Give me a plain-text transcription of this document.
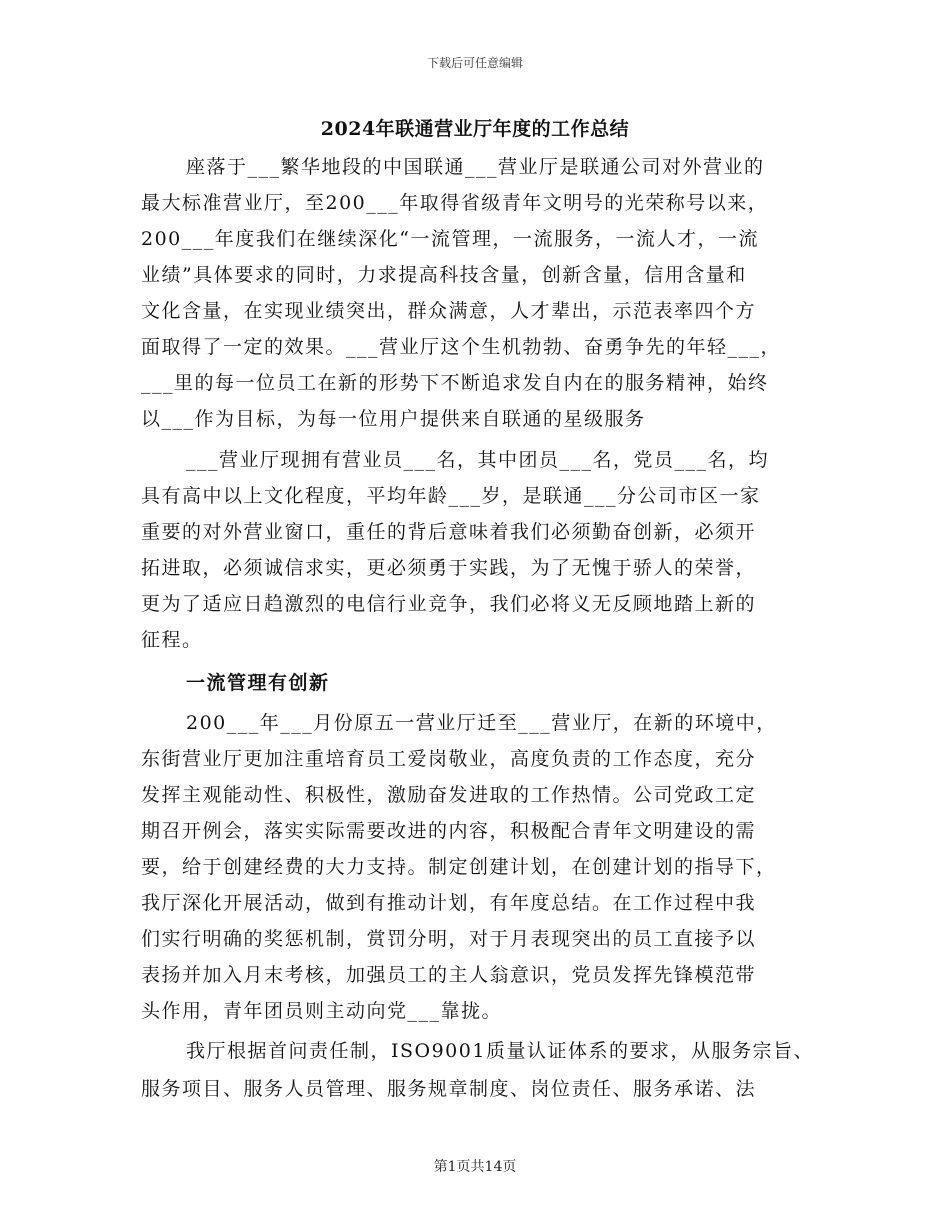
下载后可任意编辑
2024年联通营业厅年度的工作总结
座落于___繁华地段的中国联通___营业厅是联通公司对外营业的
最大标准营业厅，至200___年取得省级青年文明号的光荣称号以来，
200___年度我们在继续深化“一流管理，一流服务，一流人才，一流
业绩”具体要求的同时，力求提高科技含量，创新含量，信用含量和
文化含量，在实现业绩突出，群众满意，人才辈出，示范表率四个方
面取得了一定的效果。___营业厅这个生机勃勃、奋勇争先的年轻___，
___里的每一位员工在新的形势下不断追求发自内在的服务精神，始终
以___作为目标，为每一位用户提供来自联通的星级服务
___营业厅现拥有营业员___名，其中团员___名，党员___名，均
具有高中以上文化程度，平均年龄___岁，是联通___分公司市区一家
重要的对外营业窗口，重任的背后意味着我们必须勤奋创新，必须开
拓进取，必须诚信求实，更必须勇于实践，为了无愧于骄人的荣誉，
更为了适应日趋激烈的电信行业竞争，我们必将义无反顾地踏上新的
征程。
一流管理有创新
200___年___月份原五一营业厅迁至___营业厅，在新的环境中，
东街营业厅更加注重培育员工爱岗敬业，高度负责的工作态度，充分
发挥主观能动性、积极性，激励奋发进取的工作热情。公司党政工定
期召开例会，落实实际需要改进的内容，积极配合青年文明建设的需
要，给于创建经费的大力支持。制定创建计划，在创建计划的指导下，
我厅深化开展活动，做到有推动计划，有年度总结。在工作过程中我
们实行明确的奖惩机制，赏罚分明，对于月表现突出的员工直接予以
表扬并加入月末考核，加强员工的主人翁意识，党员发挥先锋模范带
头作用，青年团员则主动向党___靠拢。
我厅根据首问责任制，ISO9001质量认证体系的要求，从服务宗旨、
服务项目、服务人员管理、服务规章制度、岗位责任、服务承诺、法
第1页共14页
